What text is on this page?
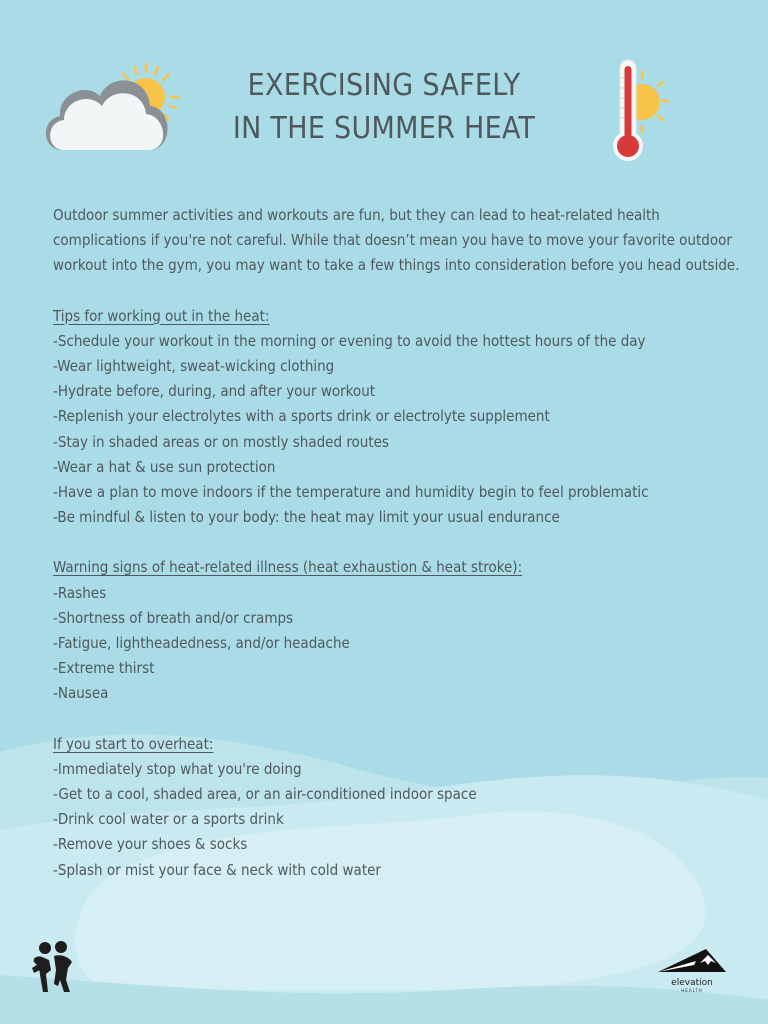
EXERCISING SAFELY
IN THE SUMMER HEAT

Outdoor summer activities and workouts are fun, but they can lead to heat-related health complications if you're not careful. While that doesn’t mean you have to move your favorite outdoor workout into the gym, you may want to take a few things into consideration before you head outside.

Tips for working out in the heat:
-Schedule your workout in the morning or evening to avoid the hottest hours of the day
-Wear lightweight, sweat-wicking clothing
-Hydrate before, during, and after your workout
-Replenish your electrolytes with a sports drink or electrolyte supplement
-Stay in shaded areas or on mostly shaded routes
-Wear a hat & use sun protection
-Have a plan to move indoors if the temperature and humidity begin to feel problematic
-Be mindful & listen to your body: the heat may limit your usual endurance
Warning signs of heat-related illness (heat exhaustion & heat stroke):
-Rashes
-Shortness of breath and/or cramps
-Fatigue, lightheadedness, and/or headache
-Extreme thirst
-Nausea
If you start to overheat:
-Immediately stop what you're doing
-Get to a cool, shaded area, or an air-conditioned indoor space
-Drink cool water or a sports drink
-Remove your shoes & socks
-Splash or mist your face & neck with cold water
elevation
HEALTH
